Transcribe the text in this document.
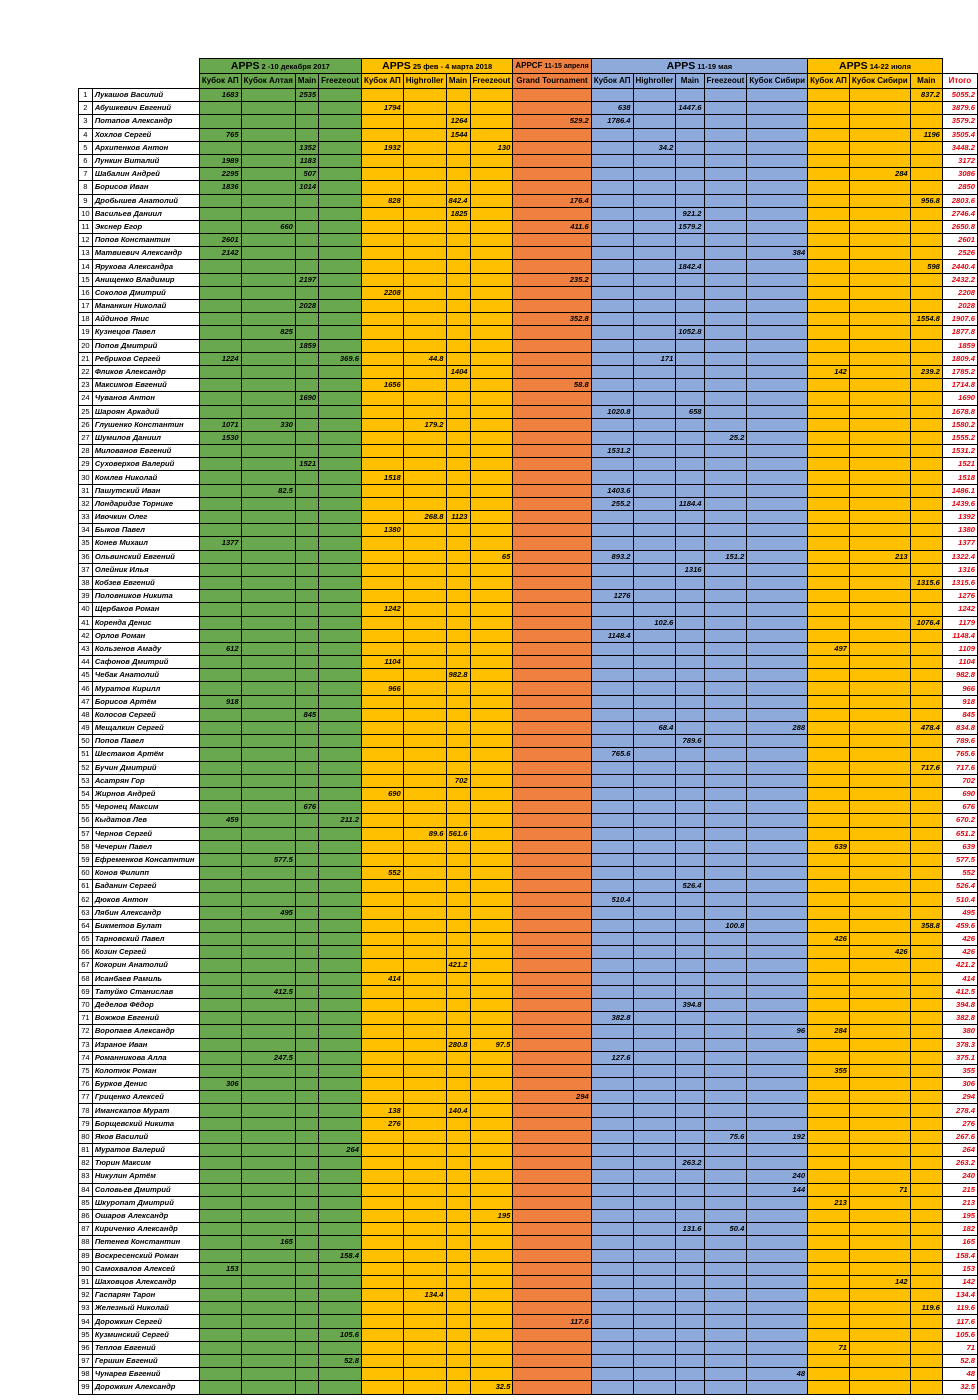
		APPS 2 -10 декабря 2017				APPS 25 фев - 4 марта 2018				APPCF 11-15 апреля	APPS 11-19 мая					APPS 14-22 июля			
		Кубок АП	Кубок Алтая	Main	Freezeout	Кубок АП	Highroller	Main	Freezeout	Grand Tournament	Кубок АП	Highroller	Main	Freezeout	Кубок Сибири	Кубок АП	Кубок Сибири	Main	Итого
1	Лукашов Василий	1683		2535														837.2	5055.2
2	Абушкевич Евгений					1794					638		1447.6						3879.6
3	Потапов Александр							1264		529.2	1786.4								3579.2
4	Хохлов Сергей	765						1544										1196	3505.4
5	Архипенков Антон			1352		1932			130			34.2							3448.2
6	Лункин Виталий	1989		1183															3172
7	Шабалин Андрей	2295		507													284		3086
8	Борисов Иван	1836		1014															2850
9	Дробышев Анатолий					828		842.4		176.4								956.8	2803.6
10	Васильев Даниил							1825					921.2						2746.4
11	Экснер Егор		660							411.6			1579.2						2650.8
12	Попов Константин	2601																	2601
13	Матвиевич Александр	2142													384				2526
14	Ярукова Александра												1842.4					598	2440.4
15	Анищенко Владимир			2197						235.2									2432.2
16	Соколов Дмитрий					2208													2208
17	Мананкин Николай			2028															2028
18	Айдинов Янис									352.8								1554.8	1907.6
19	Кузнецов Павел		825										1052.8						1877.8
20	Попов Дмитрий			1859															1859
21	Ребриков Сергей	1224			369.6		44.8					171							1809.4
22	Фликов Александр							1404								142		239.2	1785.2
23	Максимов Евгений					1656				58.8									1714.8
24	Чуванов Антон			1690															1690
25	Шароян Аркадий										1020.8		658						1678.8
26	Глушенко Константин	1071	330				179.2												1580.2
27	Шумилов Даниил	1530												25.2					1555.2
28	Милованов Евгений										1531.2								1531.2
29	Суховерхов Валерий			1521															1521
30	Комлев Николай					1518													1518
31	Пашутский Иван		82.5								1403.6								1486.1
32	Лондаридзе Торнике										255.2		1184.4						1439.6
33	Ивочкин Олег						268.8	1123											1392
34	Быков Павел					1380													1380
35	Конев Михаил	1377																	1377
36	Ольвинский Евгений								65		893.2			151.2			213		1322.4
37	Олейник Илья												1316						1316
38	Кобзев Евгений																	1315.6	1315.6
39	Половников Никита										1276								1276
40	Щербаков Роман					1242													1242
41	Коренда Денис											102.6						1076.4	1179
42	Орлов Роман										1148.4								1148.4
43	Кользенов Амаду	612														497			1109
44	Сафонов Дмитрий					1104													1104
45	Чебак Анатолий							982.8											982.8
46	Муратов Кирилл					966													966
47	Борисов Артём	918																	918
48	Колосов Сергей			845															845
49	Мещалкин Сергей											68.4			288			478.4	834.8
50	Попов Павел												789.6						789.6
51	Шестаков Артём										765.6								765.6
52	Бучин Дмитрий																	717.6	717.6
53	Асатрян Гор							702											702
54	Жирнов Андрей					690													690
55	Черонец Максим			676															676
56	Кыдатов Лев	459			211.2														670.2
57	Чернов Сергей						89.6	561.6											651.2
58	Чечерин Павел															639			639
59	Ефременков Консатнтин		577.5																577.5
60	Конов Филипп					552													552
61	Баданин Сергей												526.4						526.4
62	Дюков Антон										510.4								510.4
63	Лябин Александр		495																495
64	Бикметов Булат													100.8				358.8	459.6
65	Тарновский Павел															426			426
66	Козин Сергей																426		426
67	Кокорин Анатолий							421.2											421.2
68	Исанбаев Рамиль					414													414
69	Татуйко Станислав		412.5																412.5
70	Деделов Фёдор												394.8						394.8
71	Вожжов Евгений										382.8								382.8
72	Воропаев Александр														96	284			380
73	Израное Иван							280.8	97.5										378.3
74	Романникова Алла		247.5								127.6								375.1
75	Колотюк Роман															355			355
76	Бурков Денис	306																	306
77	Гриценко Алексей									294									294
78	Иманскапов Мурат					138		140.4											278.4
79	Борщевский Никита					276													276
80	Яков Василий													75.6	192				267.6
81	Муратов Валерий				264														264
82	Тюрин Максим												263.2						263.2
83	Никулин Артём														240				240
84	Соловьев Дмитрий														144		71		215
85	Шкуропат Дмитрий															213			213
86	Ошаров Александр								195										195
87	Кириченко Александр												131.6	50.4					182
88	Петенев Константин		165																165
89	Воскресенский Роман				158.4														158.4
90	Самохвалов Алексей	153																	153
91	Шаховцов Александр																142		142
92	Гаспарян Тарон						134.4												134.4
93	Железный Николай																	119.6	119.6
94	Дорожкин Сергей									117.6									117.6
95	Кузминский Сергей				105.6														105.6
96	Теплов Евгений															71			71
97	Гершин Евгений				52.8														52.8
98	Чунарев Евгений														48				48
99	Дорожкин Александр								32.5										32.5
